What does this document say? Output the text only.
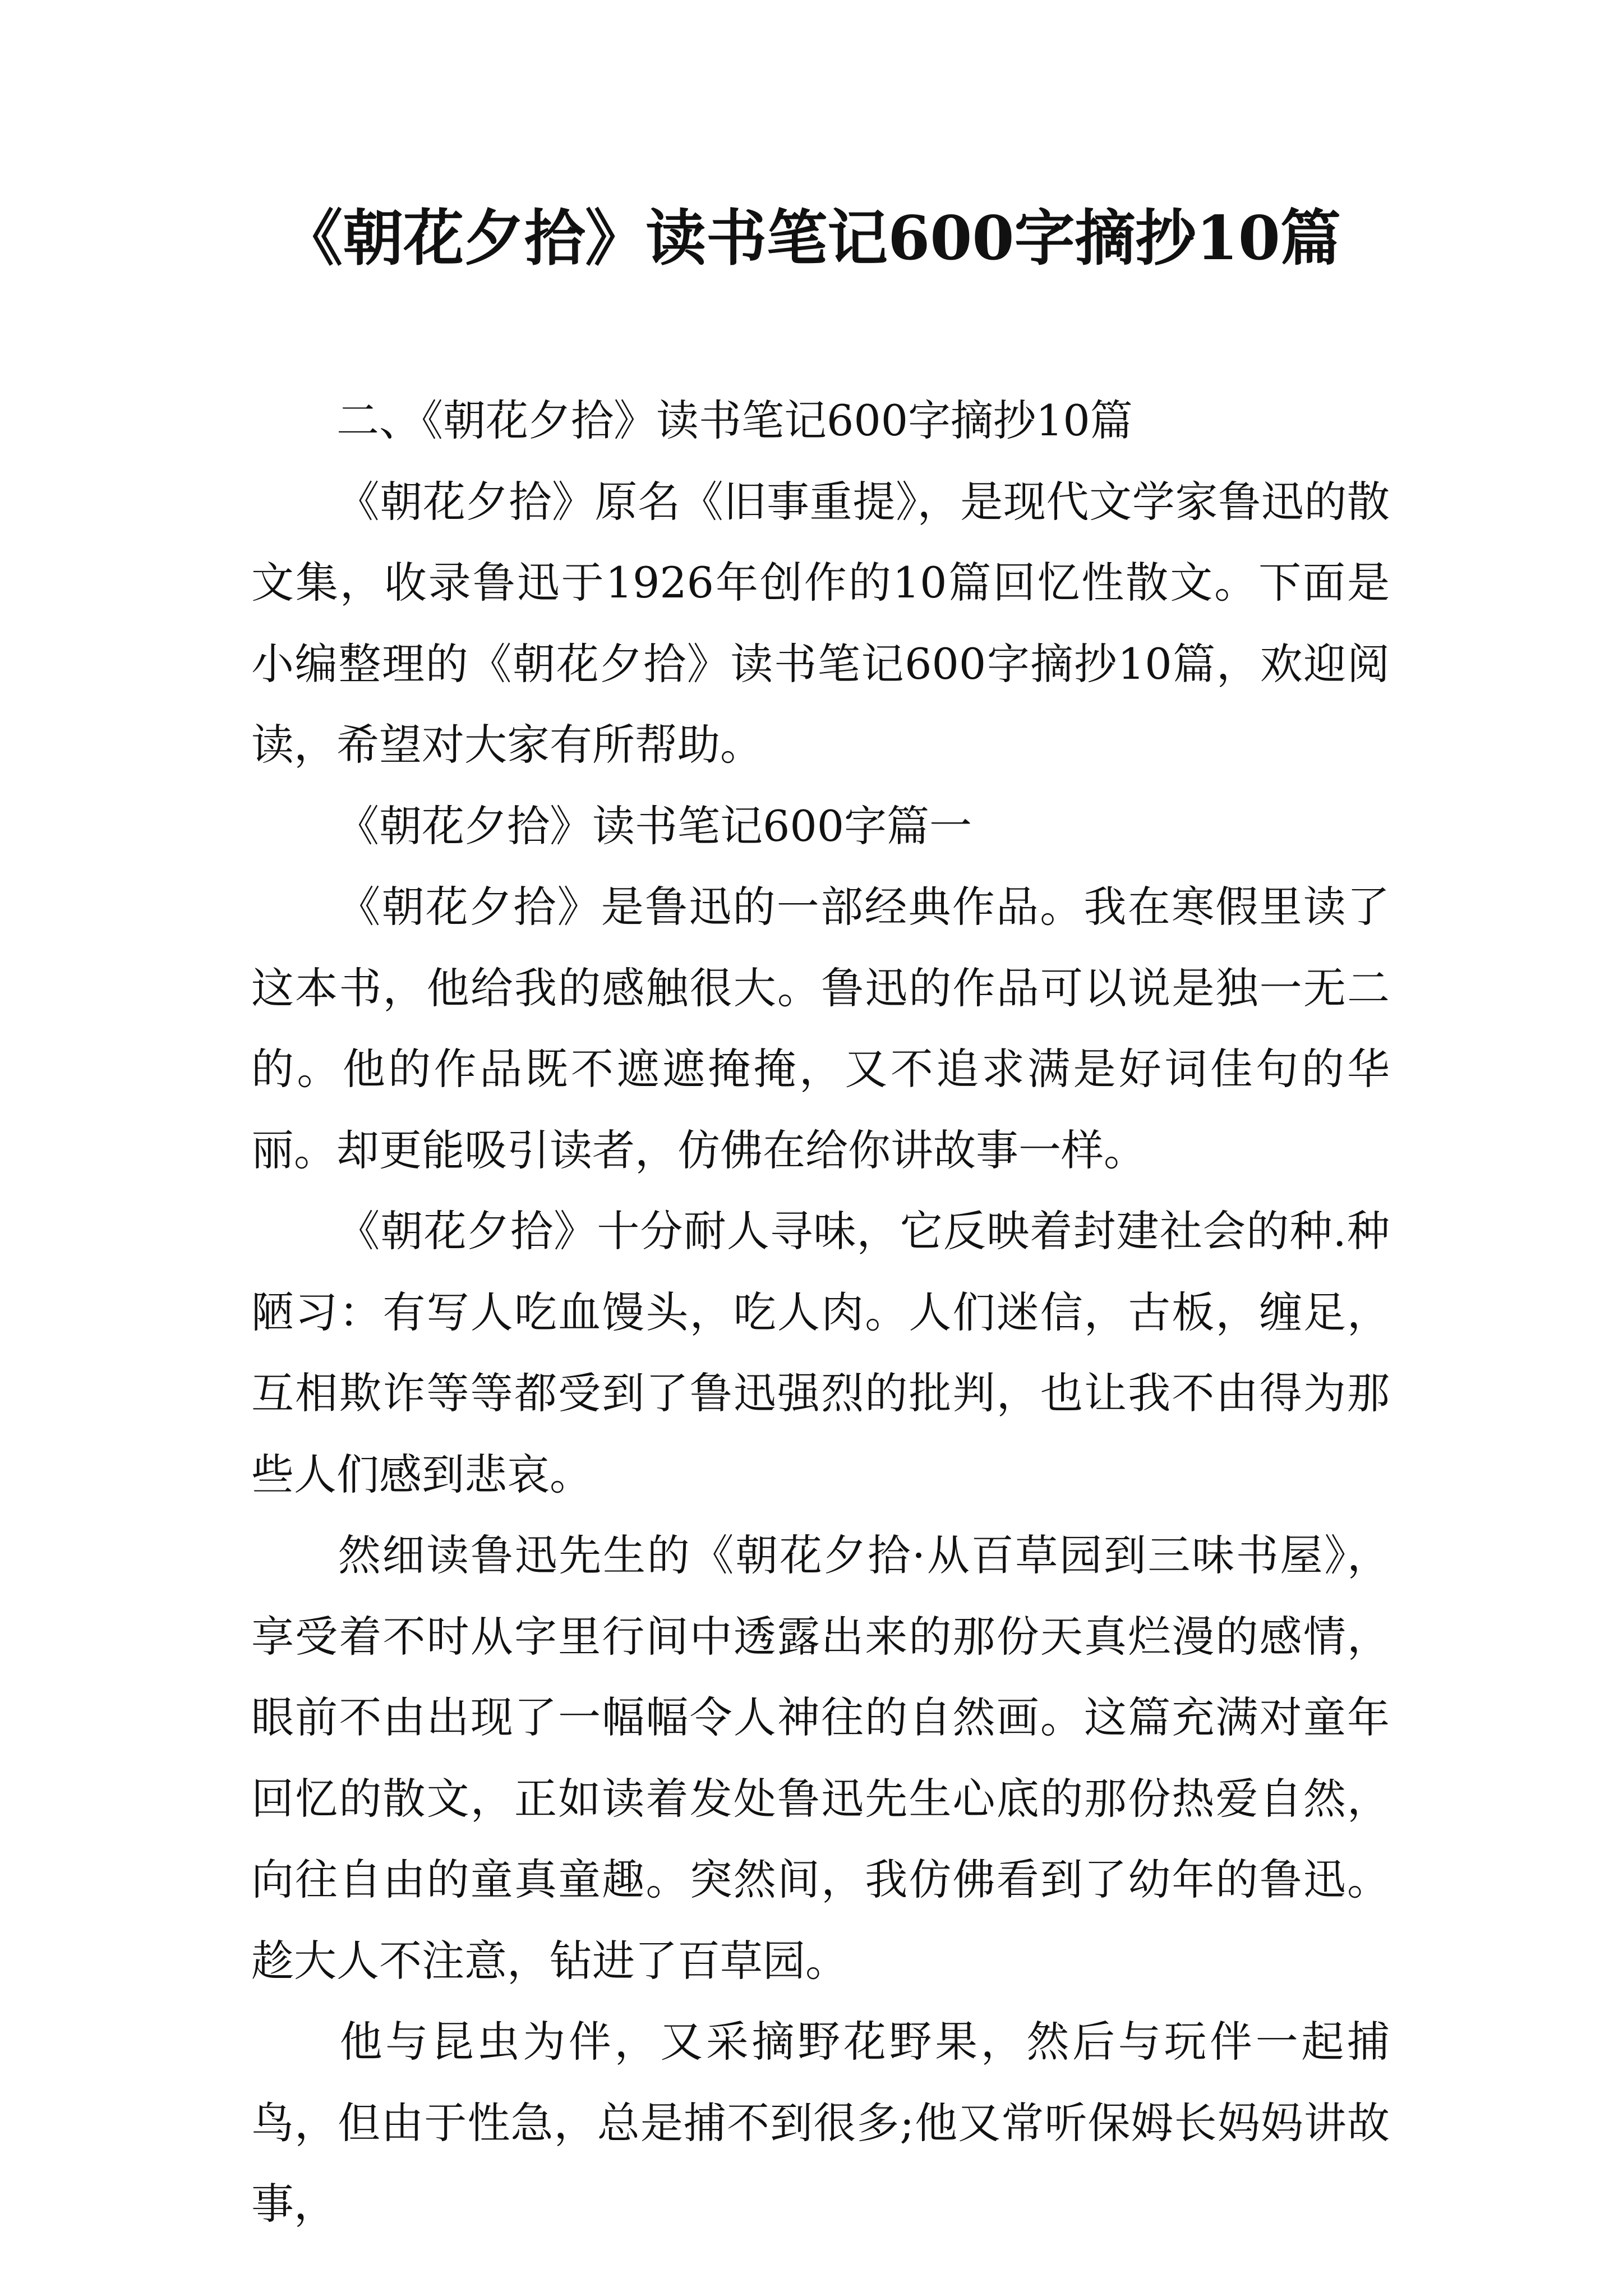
《朝花夕拾》读书笔记600字摘抄10篇

二、《朝花夕拾》读书笔记600字摘抄10篇

《朝花夕拾》原名《旧事重提》，是现代文学家鲁迅的散文集，收录鲁迅于1926年创作的10篇回忆性散文。下面是小编整理的《朝花夕拾》读书笔记600字摘抄10篇，欢迎阅读，希望对大家有所帮助。

《朝花夕拾》读书笔记600字篇一

《朝花夕拾》是鲁迅的一部经典作品。我在寒假里读了这本书，他给我的感触很大。鲁迅的作品可以说是独一无二的。他的作品既不遮遮掩掩，又不追求满是好词佳句的华丽。却更能吸引读者，仿佛在给你讲故事一样。

《朝花夕拾》十分耐人寻味，它反映着封建社会的种.种陋习：有写人吃血馒头，吃人肉。人们迷信，古板，缠足，互相欺诈等等都受到了鲁迅强烈的批判，也让我不由得为那些人们感到悲哀。

然细读鲁迅先生的《朝花夕拾·从百草园到三味书屋》，享受着不时从字里行间中透露出来的那份天真烂漫的感情，眼前不由出现了一幅幅令人神往的自然画。这篇充满对童年回忆的散文，正如读着发处鲁迅先生心底的那份热爱自然，向往自由的童真童趣。突然间，我仿佛看到了幼年的鲁迅。趁大人不注意，钻进了百草园。

他与昆虫为伴，又采摘野花野果，然后与玩伴一起捕鸟，但由于性急，总是捕不到很多;他又常听保姆长妈妈讲故事，
